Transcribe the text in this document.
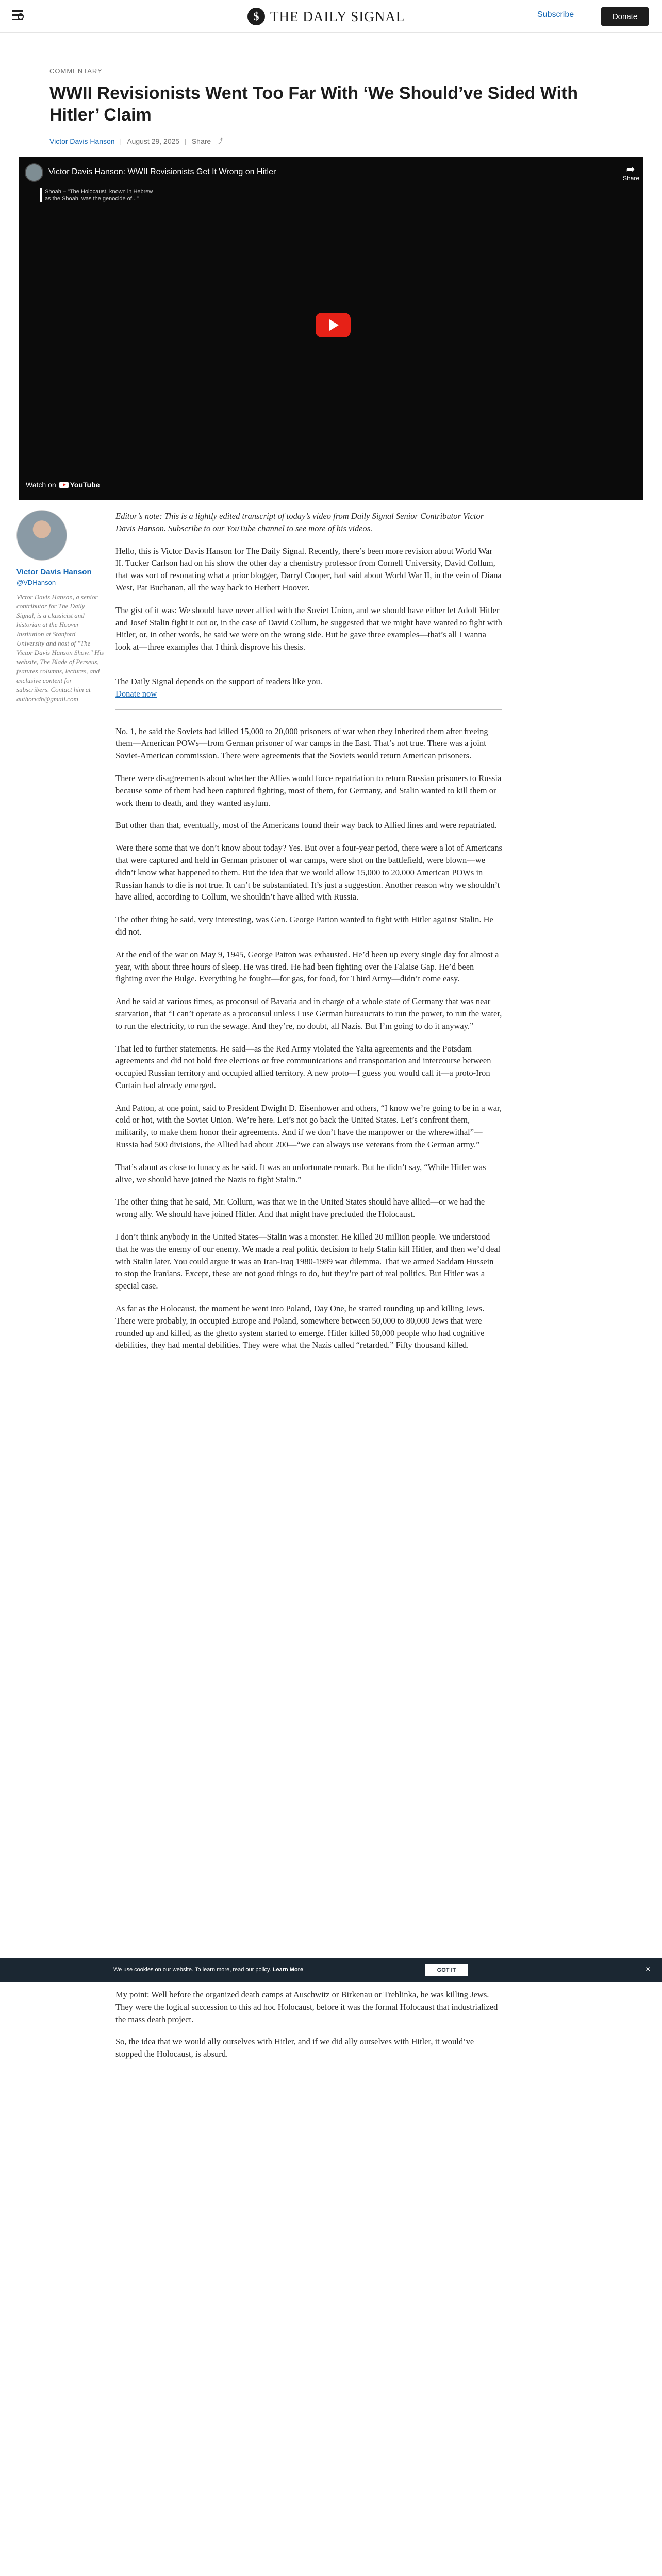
$ THE DAILY SIGNAL	Subscribe	Donate
COMMENTARY
WWII Revisionists Went Too Far With ‘We Should’ve Sided With Hitler’ Claim
Victor Davis Hanson | August 29, 2025 | Share ⤴
Victor Davis Hanson: WWII Revisionists Get It Wrong on Hitler
Shoah – "The Holocaust, known in Hebrew as the Shoah, was the genocide of..."
➦
Share
Watch on YouTube
Victor Davis Hanson
@VDHanson
Victor Davis Hanson, a senior contributor for The Daily Signal, is a classicist and historian at the Hoover Institution at Stanford University and host of "The Victor Davis Hanson Show." His website, The Blade of Perseus, features columns, lectures, and exclusive content for subscribers. Contact him at authorvdh@gmail.com

Editor’s note: This is a lightly edited transcript of today’s video from Daily Signal Senior Contributor Victor Davis Hanson. Subscribe to our YouTube channel to see more of his videos.

Hello, this is Victor Davis Hanson for The Daily Signal. Recently, there’s been more revision about World War II. Tucker Carlson had on his show the other day a chemistry professor from Cornell University, David Collum, that was sort of resonating what a prior blogger, Darryl Cooper, had said about World War II, in the vein of Diana West, Pat Buchanan, all the way back to Herbert Hoover.

The gist of it was: We should have never allied with the Soviet Union, and we should have either let Adolf Hitler and Josef Stalin fight it out or, in the case of David Collum, he suggested that we might have wanted to fight with Hitler, or, in other words, he said we were on the wrong side. But he gave three examples—that’s all I wanna look at—three examples that I think disprove his thesis.

The Daily Signal depends on the support of readers like you.
Donate now

No. 1, he said the Soviets had killed 15,000 to 20,000 prisoners of war when they inherited them after freeing them—American POWs—from German prisoner of war camps in the East. That’s not true. There was a joint Soviet-American commission. There were agreements that the Soviets would return American prisoners.

There were disagreements about whether the Allies would force repatriation to return Russian prisoners to Russia because some of them had been captured fighting, most of them, for Germany, and Stalin wanted to kill them or work them to death, and they wanted asylum.

But other than that, eventually, most of the Americans found their way back to Allied lines and were repatriated.

Were there some that we don’t know about today? Yes. But over a four-year period, there were a lot of Americans that were captured and held in German prisoner of war camps, were shot on the battlefield, were blown—we didn’t know what happened to them. But the idea that we would allow 15,000 to 20,000 American POWs in Russian hands to die is not true. It can’t be substantiated. It’s just a suggestion. Another reason why we shouldn’t have allied, according to Collum, we shouldn’t have allied with Russia.

The other thing he said, very interesting, was Gen. George Patton wanted to fight with Hitler against Stalin. He did not.

At the end of the war on May 9, 1945, George Patton was exhausted. He’d been up every single day for almost a year, with about three hours of sleep. He was tired. He had been fighting over the Falaise Gap. He’d been fighting over the Bulge. Everything he fought—for gas, for food, for Third Army—didn’t come easy.

And he said at various times, as proconsul of Bavaria and in charge of a whole state of Germany that was near starvation, that “I can’t operate as a proconsul unless I use German bureaucrats to run the power, to run the water, to run the electricity, to run the sewage. And they’re, no doubt, all Nazis. But I’m going to do it anyway.”

That led to further statements. He said—as the Red Army violated the Yalta agreements and the Potsdam agreements and did not hold free elections or free communications and transportation and intercourse between occupied Russian territory and occupied allied territory. A new proto—I guess you would call it—a proto-Iron Curtain had already emerged.

And Patton, at one point, said to President Dwight D. Eisenhower and others, “I know we’re going to be in a war, cold or hot, with the Soviet Union. We’re here. Let’s not go back the United States. Let’s confront them, militarily, to make them honor their agreements. And if we don’t have the manpower or the wherewithal”—Russia had 500 divisions, the Allied had about 200—“we can always use veterans from the German army.”

That’s about as close to lunacy as he said. It was an unfortunate remark. But he didn’t say, “While Hitler was alive, we should have joined the Nazis to fight Stalin.”

The other thing that he said, Mr. Collum, was that we in the United States should have allied—or we had the wrong ally. We should have joined Hitler. And that might have precluded the Holocaust.

I don’t think anybody in the United States—Stalin was a monster. He killed 20 million people. We understood that he was the enemy of our enemy. We made a real politic decision to help Stalin kill Hitler, and then we’d deal with Stalin later. You could argue it was an Iran-Iraq 1980-1989 war dilemma. That we armed Saddam Hussein to stop the Iranians. Except, these are not good things to do, but they’re part of real politics. But Hitler was a special case.

As far as the Holocaust, the moment he went into Poland, Day One, he started rounding up and killing Jews. There were probably, in occupied Europe and Poland, somewhere between 50,000 to 80,000 Jews that were rounded up and killed, as the ghetto system started to emerge. Hitler killed 50,000 people who had cognitive debilities, they had mental debilities. They were what the Nazis called “retarded.” Fifty thousand killed.

We use cookies on our website. To learn more, read our policy. Learn More	GOT IT	×

My point: Well before the organized death camps at Auschwitz or Birkenau or Treblinka, he was killing Jews. They were the logical succession to this ad hoc Holocaust, before it was the formal Holocaust that industrialized the mass death project.

So, the idea that we would ally ourselves with Hitler, and if we did ally ourselves with Hitler, it would’ve stopped the Holocaust, is absurd.
